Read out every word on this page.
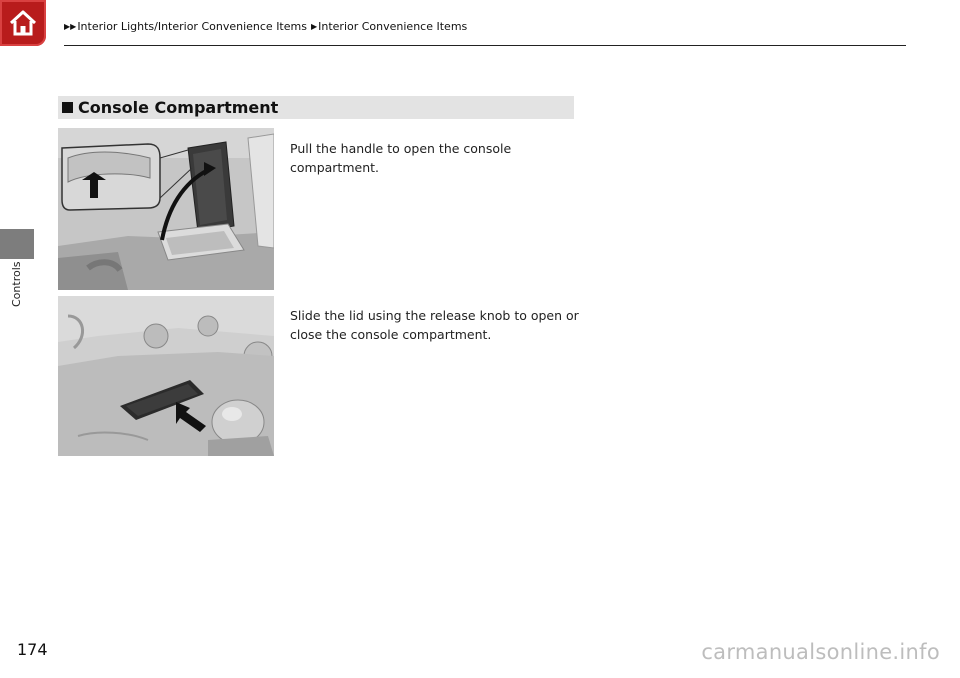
▶▶ Interior Lights/Interior Convenience Items ▶ Interior Convenience Items
Controls
Console Compartment

Pull the handle to open the console compartment.

Slide the lid using the release knob to open or close the console compartment.

174	carmanualsonline.info
